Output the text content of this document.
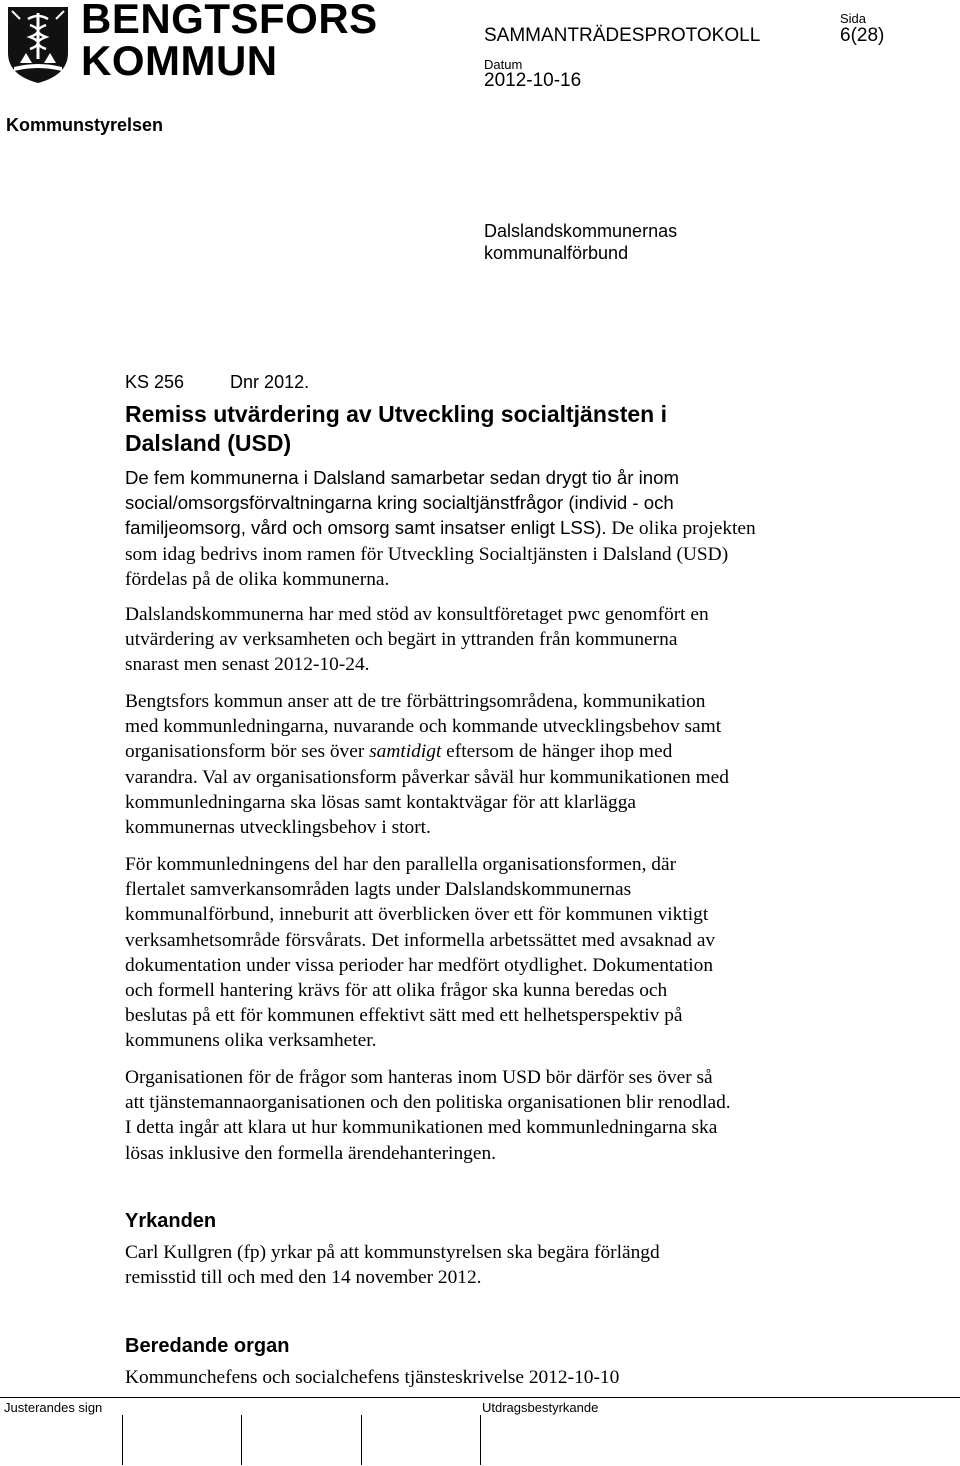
BENGTSFORS
KOMMUN
SAMMANTRÄDESPROTOKOLL
Sida
6(28)
Datum
2012-10-16
Kommunstyrelsen
Dalslandskommunernas
kommunalförbund
KS 256	Dnr 2012.
Remiss utvärdering av Utveckling socialtjänsten i
Dalsland (USD)
De fem kommunerna i Dalsland samarbetar sedan drygt tio år inom
social/omsorgsförvaltningarna kring socialtjänstfrågor (individ - och
familjeomsorg, vård och omsorg samt insatser enligt LSS). De olika projekten
som idag bedrivs inom ramen för Utveckling Socialtjänsten i Dalsland (USD)
fördelas på de olika kommunerna.
Dalslandskommunerna har med stöd av konsultföretaget pwc genomfört en
utvärdering av verksamheten och begärt in yttranden från kommunerna
snarast men senast 2012-10-24.
Bengtsfors kommun anser att de tre förbättringsområdena, kommunikation
med kommunledningarna, nuvarande och kommande utvecklingsbehov samt
organisationsform bör ses över samtidigt eftersom de hänger ihop med
varandra. Val av organisationsform påverkar såväl hur kommunikationen med
kommunledningarna ska lösas samt kontaktvägar för att klarlägga
kommunernas utvecklingsbehov i stort.
För kommunledningens del har den parallella organisationsformen, där
flertalet samverkansområden lagts under Dalslandskommunernas
kommunalförbund, inneburit att överblicken över ett för kommunen viktigt
verksamhetsområde försvårats. Det informella arbetssättet med avsaknad av
dokumentation under vissa perioder har medfört otydlighet. Dokumentation
och formell hantering krävs för att olika frågor ska kunna beredas och
beslutas på ett för kommunen effektivt sätt med ett helhetsperspektiv på
kommunens olika verksamheter.
Organisationen för de frågor som hanteras inom USD bör därför ses över så
att tjänstemannaorganisationen och den politiska organisationen blir renodlad.
I detta ingår att klara ut hur kommunikationen med kommunledningarna ska
lösas inklusive den formella ärendehanteringen.
Yrkanden
Carl Kullgren (fp) yrkar på att kommunstyrelsen ska begära förlängd
remisstid till och med den 14 november 2012.
Beredande organ
Kommunchefens och socialchefens tjänsteskrivelse 2012-10-10
Justerandes sign	Utdragsbestyrkande
